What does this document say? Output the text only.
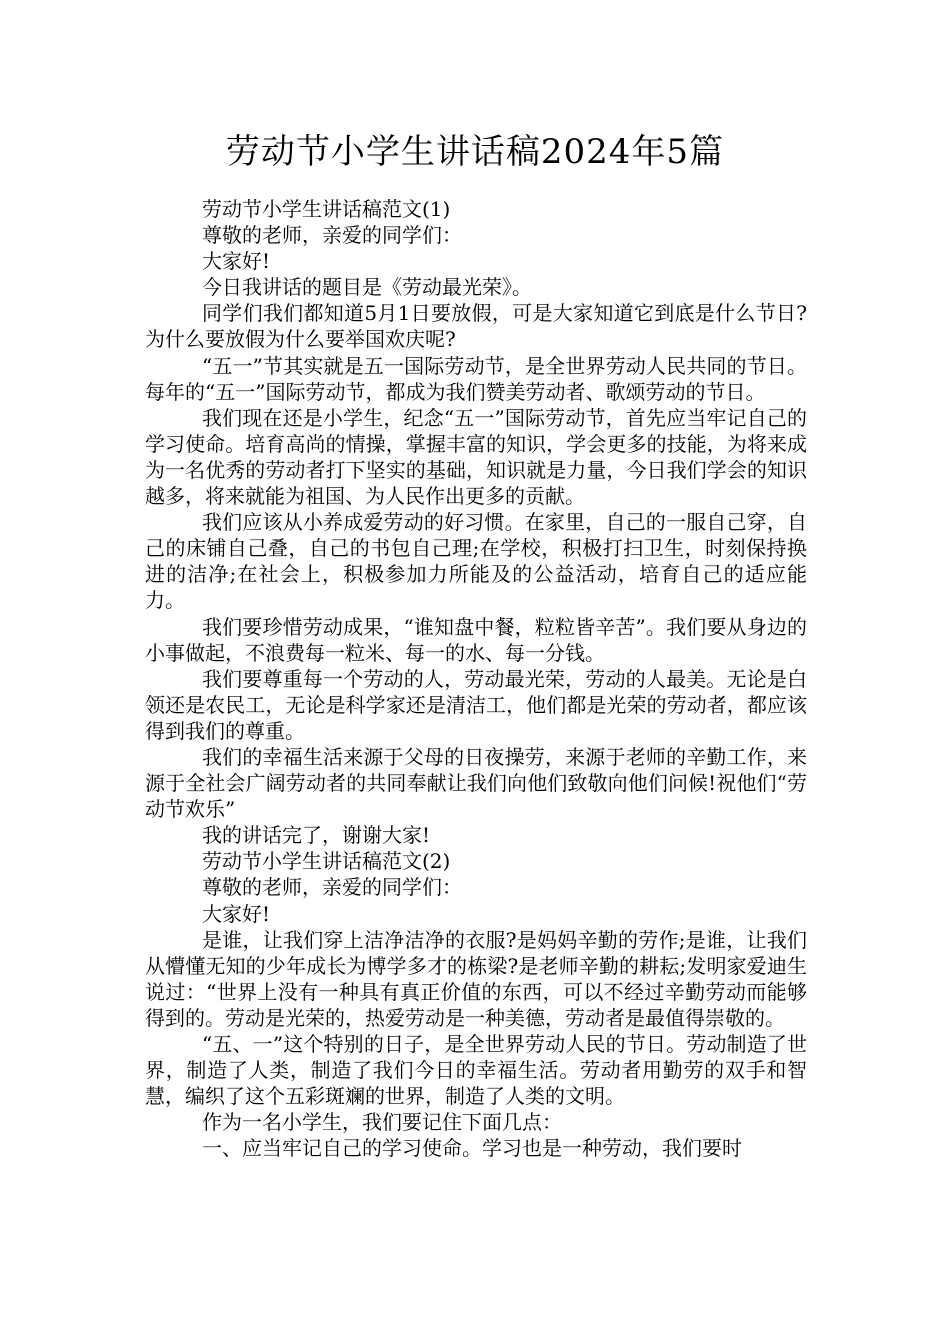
劳动节小学生讲话稿2024年5篇

劳动节小学生讲话稿范文(1)

尊敬的老师，亲爱的同学们：

大家好!

今日我讲话的题目是《劳动最光荣》。

同学们我们都知道5月1日要放假，可是大家知道它到底是什么节日?为什么要放假为什么要举国欢庆呢?

“五一”节其实就是五一国际劳动节，是全世界劳动人民共同的节日。每年的“五一”国际劳动节，都成为我们赞美劳动者、歌颂劳动的节日。

我们现在还是小学生，纪念“五一”国际劳动节，首先应当牢记自己的学习使命。培育高尚的情操，掌握丰富的知识，学会更多的技能，为将来成为一名优秀的劳动者打下坚实的基础，知识就是力量，今日我们学会的知识越多，将来就能为祖国、为人民作出更多的贡献。

我们应该从小养成爱劳动的好习惯。在家里，自己的一服自己穿，自己的床铺自己叠，自己的书包自己理;在学校，积极打扫卫生，时刻保持换进的洁净;在社会上，积极参加力所能及的公益活动，培育自己的适应能力。

我们要珍惜劳动成果，“谁知盘中餐，粒粒皆辛苦”。我们要从身边的小事做起，不浪费每一粒米、每一的水、每一分钱。

我们要尊重每一个劳动的人，劳动最光荣，劳动的人最美。无论是白领还是农民工，无论是科学家还是清洁工，他们都是光荣的劳动者，都应该得到我们的尊重。

我们的幸福生活来源于父母的日夜操劳，来源于老师的辛勤工作，来源于全社会广阔劳动者的共同奉献让我们向他们致敬向他们问候!祝他们“劳动节欢乐”

我的讲话完了，谢谢大家!

劳动节小学生讲话稿范文(2)

尊敬的老师，亲爱的同学们：

大家好!

是谁，让我们穿上洁净洁净的衣服?是妈妈辛勤的劳作;是谁，让我们从懵懂无知的少年成长为博学多才的栋梁?是老师辛勤的耕耘;发明家爱迪生说过：“世界上没有一种具有真正价值的东西，可以不经过辛勤劳动而能够得到的。劳动是光荣的，热爱劳动是一种美德，劳动者是最值得崇敬的。

“五、一”这个特别的日子，是全世界劳动人民的节日。劳动制造了世界，制造了人类，制造了我们今日的幸福生活。劳动者用勤劳的双手和智慧，编织了这个五彩斑斓的世界，制造了人类的文明。

作为一名小学生，我们要记住下面几点：

一、应当牢记自己的学习使命。学习也是一种劳动，我们要时
